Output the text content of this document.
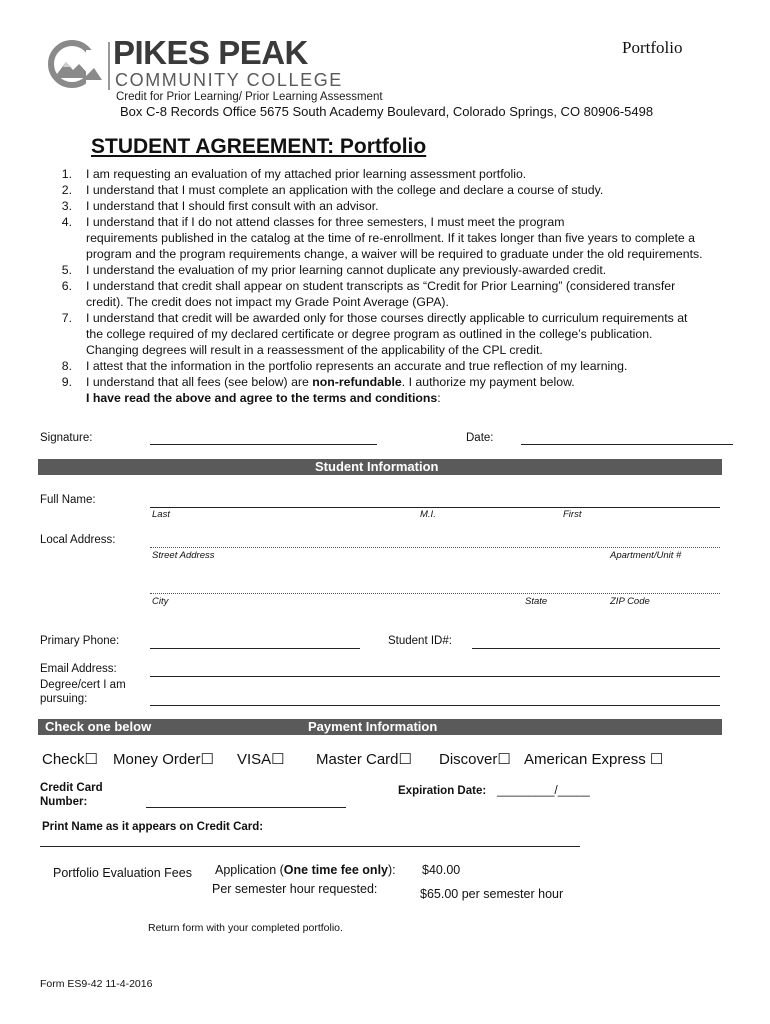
PIKES PEAK
COMMUNITY COLLEGE
Credit for Prior Learning/ Prior Learning Assessment
Box C-8 Records Office 5675 South Academy Boulevard, Colorado Springs, CO 80906-5498
Portfolio
STUDENT AGREEMENT: Portfolio
1. I am requesting an evaluation of my attached prior learning assessment portfolio.
2. I understand that I must complete an application with the college and declare a course of study.
3. I understand that I should first consult with an advisor.
4. I understand that if I do not attend classes for three semesters, I must meet the program
requirements published in the catalog at the time of re-enrollment. If it takes longer than five years to complete a
program and the program requirements change, a waiver will be required to graduate under the old requirements.
5. I understand the evaluation of my prior learning cannot duplicate any previously-awarded credit.
6. I understand that credit shall appear on student transcripts as “Credit for Prior Learning” (considered transfer
credit). The credit does not impact my Grade Point Average (GPA).
7. I understand that credit will be awarded only for those courses directly applicable to curriculum requirements at
the college required of my declared certificate or degree program as outlined in the college’s publication.
Changing degrees will result in a reassessment of the applicability of the CPL credit.
8. I attest that the information in the portfolio represents an accurate and true reflection of my learning.
9. I understand that all fees (see below) are non-refundable. I authorize my payment below.
I have read the above and agree to the terms and conditions:
Signature:	Date:
Student Information
Full Name:
Last	M.I.	First
Local Address:
Street Address	Apartment/Unit #
City	State	ZIP Code
Primary Phone:	Student ID#:
Email Address:
Degree/cert I am
pursuing:
Check one below	Payment Information
Check☐ Money Order☐ VISA☐ Master Card☐ Discover☐ American Express ☐
Credit Card
Number:
Expiration Date: _________/_____
Print Name as it appears on Credit Card:
Portfolio Evaluation Fees Application (One time fee only): $40.00
Per semester hour requested:	$65.00 per semester hour
Return form with your completed portfolio.
Form ES9-42 11-4-2016
